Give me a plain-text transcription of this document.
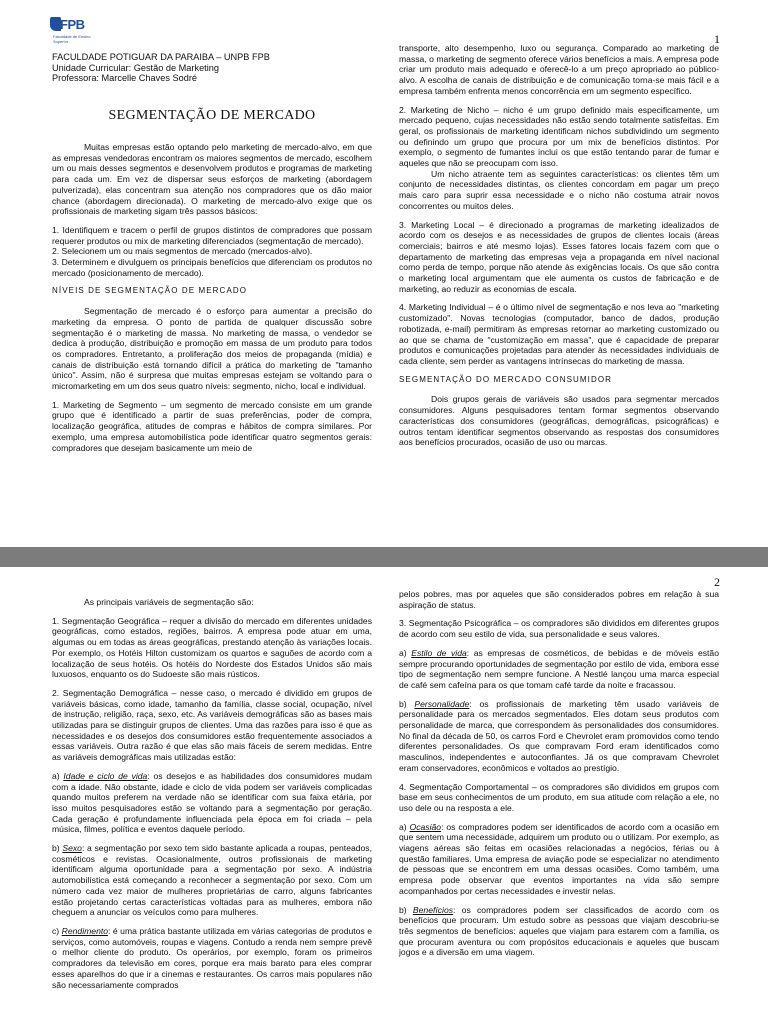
FPB
Faculdade de Ensino Superior	1
FACULDADE POTIGUAR DA PARAIBA – UNPB FPB
Unidade Curricular: Gestão de Marketing
Professora: Marcelle Chaves Sodré
SEGMENTAÇÃO DE MERCADO

Muitas empresas estão optando pelo marketing de mercado-alvo, em que as empresas vendedoras encontram os maiores segmentos de mercado, escolhem um ou mais desses segmentos e desenvolvem produtos e programas de marketing para cada um. Em vez de dispersar seus esforços de marketing (abordagem pulverizada), elas concentram sua atenção nos compradores que os dão maior chance (abordagem direcionada). O marketing de mercado-alvo exige que os profissionais de marketing sigam três passos básicos:

1. Identifiquem e tracem o perfil de grupos distintos de compradores que possam requerer produtos ou mix de marketing diferenciados (segmentação de mercado).

2. Selecionem um ou mais segmentos de mercado (mercados-alvo).

3. Determinem e divulguem os principais benefícios que diferenciam os produtos no mercado (posicionamento de mercado).

NÍVEIS DE SEGMENTAÇÃO DE MERCADO

Segmentação de mercado é o esforço para aumentar a precisão do marketing da empresa. O ponto de partida de qualquer discussão sobre segmentação é o marketing de massa. No marketing de massa, o vendedor se dedica à produção, distribuição e promoção em massa de um produto para todos os compradores. Entretanto, a proliferação dos meios de propaganda (mídia) e canais de distribuição está tornando difícil a prática do marketing de "tamanho único". Assim, não é surpresa que muitas empresas estejam se voltando para o micromarketing em um dos seus quatro níveis: segmento, nicho, local e individual.

1. Marketing de Segmento – um segmento de mercado consiste em um grande grupo que é identificado a partir de suas preferências, poder de compra, localização geográfica, atitudes de compras e hábitos de compra similares. Por exemplo, uma empresa automobilística pode identificar quatro segmentos gerais: compradores que desejam basicamente um meio de

transporte, alto desempenho, luxo ou segurança. Comparado ao marketing de massa, o marketing de segmento oferece vários benefícios a mais. A empresa pode criar um produto mais adequado e oferecê-lo a um preço apropriado ao público-alvo. A escolha de canais de distribuição e de comunicação torna-se mais fácil e a empresa também enfrenta menos concorrência em um segmento específico.

2. Marketing de Nicho – nicho é um grupo definido mais especificamente, um mercado pequeno, cujas necessidades não estão sendo totalmente satisfeitas. Em geral, os profissionais de marketing identificam nichos subdividindo um segmento ou definindo um grupo que procura por um mix de benefícios distintos. Por exemplo, o segmento de fumantes inclui os que estão tentando parar de fumar e aqueles que não se preocupam com isso.

Um nicho atraente tem as seguintes características: os clientes têm um conjunto de necessidades distintas, os clientes concordam em pagar um preço mais caro para suprir essa necessidade e o nicho não costuma atrair novos concorrentes ou muitos deles.

3. Marketing Local – é direcionado a programas de marketing idealizados de acordo com os desejos e as necessidades de grupos de clientes locais (áreas comerciais; bairros e até mesmo lojas). Esses fatores locais fazem com que o departamento de marketing das empresas veja a propaganda em nível nacional como perda de tempo, porque não atende às exigências locais. Os que são contra o marketing local argumentam que ele aumenta os custos de fabricação e de marketing, ao reduzir as economias de escala.

4. Marketing Individual – é o último nível de segmentação e nos leva ao "marketing customizado". Novas tecnologias (computador, banco de dados, produção robotizada, e-mail) permitiram às empresas retornar ao marketing customizado ou ao que se chama de "customização em massa", que é capacidade de preparar produtos e comunicações projetadas para atender às necessidades individuais de cada cliente, sem perder as vantagens intrínsecas do marketing de massa.

SEGMENTAÇÃO DO MERCADO CONSUMIDOR

Dois grupos gerais de variáveis são usados para segmentar mercados consumidores. Alguns pesquisadores tentam formar segmentos observando características dos consumidores (geográficas, demográficas, psicográficas) e outros tentam identificar segmentos observando as respostas dos consumidores aos benefícios procurados, ocasião de uso ou marcas.

2

As principais variáveis de segmentação são:

1. Segmentação Geográfica – requer a divisão do mercado em diferentes unidades geográficas, como estados, regiões, bairros. A empresa pode atuar em uma, algumas ou em todas as áreas geográficas, prestando atenção às variações locais. Por exemplo, os Hotéis Hilton customizam os quartos e saguões de acordo com a localização de seus hotéis. Os hotéis do Nordeste dos Estados Unidos são mais luxuosos, enquanto os do Sudoeste são mais rústicos.

2. Segmentação Demográfica – nesse caso, o mercado é dividido em grupos de variáveis básicas, como idade, tamanho da família, classe social, ocupação, nível de instrução, religião, raça, sexo, etc. As variáveis demográficas são as bases mais utilizadas para se distinguir grupos de clientes. Uma das razões para isso é que as necessidades e os desejos dos consumidores estão frequentemente associados a essas variáveis. Outra razão é que elas são mais fáceis de serem medidas. Entre as variáveis demográficas mais utilizadas estão:

a) Idade e ciclo de vida: os desejos e as habilidades dos consumidores mudam com a idade. Não obstante, idade e ciclo de vida podem ser variáveis complicadas quando muitos preferem na verdade não se identificar com sua faixa etária, por isso muitos pesquisadores estão se voltando para a segmentação por geração. Cada geração é profundamente influenciada pela época em foi criada – pela música, filmes, política e eventos daquele período.

b) Sexo: a segmentação por sexo tem sido bastante aplicada a roupas, penteados, cosméticos e revistas. Ocasionalmente, outros profissionais de marketing identificam alguma oportunidade para a segmentação por sexo. A indústria automobilística está começando a reconhecer a segmentação por sexo. Com um número cada vez maior de mulheres proprietárias de carro, alguns fabricantes estão projetando certas características voltadas para as mulheres, embora não cheguem a anunciar os veículos como para mulheres.

c) Rendimento: é uma prática bastante utilizada em várias categorias de produtos e serviços, como automóveis, roupas e viagens. Contudo a renda nem sempre prevê o melhor cliente do produto. Os operários, por exemplo, foram os primeiros compradores da televisão em cores, porque era mais barato para eles comprar esses aparelhos do que ir a cinemas e restaurantes. Os carros mais populares não são necessariamente comprados

pelos pobres, mas por aqueles que são considerados pobres em relação à sua aspiração de status.

3. Segmentação Psicográfica – os compradores são divididos em diferentes grupos de acordo com seu estilo de vida, sua personalidade e seus valores.

a) Estilo de vida: as empresas de cosméticos, de bebidas e de móveis estão sempre procurando oportunidades de segmentação por estilo de vida, embora esse tipo de segmentação nem sempre funcione. A Nestlé lançou uma marca especial de café sem cafeína para os que tomam café tarde da noite e fracassou.

b) Personalidade: os profissionais de marketing têm usado variáveis de personalidade para os mercados segmentados. Eles dotam seus produtos com personalidade de marca, que correspondem às personalidades dos consumidores. No final da década de 50, os carros Ford e Chevrolet eram promovidos como tendo diferentes personalidades. Os que compravam Ford eram identificados como masculinos, independentes e autoconfiantes. Já os que compravam Chevrolet eram conservadores, econômicos e voltados ao prestígio.

4. Segmentação Comportamental – os compradores são divididos em grupos com base em seus conhecimentos de um produto, em sua atitude com relação a ele, no uso dele ou na resposta a ele.

a) Ocasião: os compradores podem ser identificados de acordo com a ocasião em que sentem uma necessidade, adquirem um produto ou o utilizam. Por exemplo, as viagens aéreas são feitas em ocasiões relacionadas a negócios, férias ou à questão familiares. Uma empresa de aviação pode se especializar no atendimento de pessoas que se encontrem em uma dessas ocasiões. Como também, uma empresa pode observar que eventos importantes na vida são sempre acompanhados por certas necessidades e investir nelas.

b) Benefícios: os compradores podem ser classificados de acordo com os benefícios que procuram. Um estudo sobre as pessoas que viajam descobriu-se três segmentos de benefícios: aqueles que viajam para estarem com a família, os que procuram aventura ou com propósitos educacionais e aqueles que buscam jogos e a diversão em uma viagem.
